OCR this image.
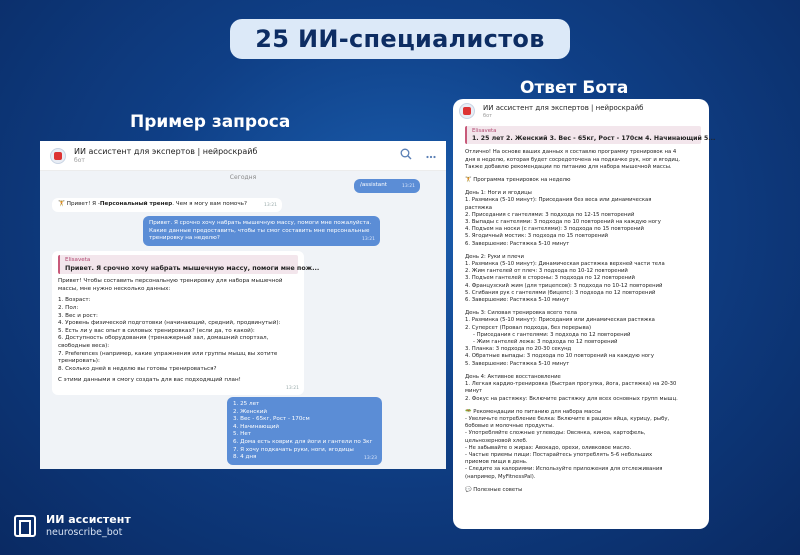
25 ИИ-специалистов
Пример запроса
Ответ Бота
ИИ ассистент для экспертов | нейроскрайб
бот
Сегодня
/assistant	13:21
🏋 Привет! Я -Персональный тренер. Чем я могу вам помочь?	13:21
Привет. Я срочно хочу набрать мышечную массу, помоги мне пожалуйста.
Какие данные предоставить, чтобы ты смог составить мне персональные
тренировку на неделю?	13:21
Elisaveta
Привет. Я срочно хочу набрать мышечную массу, помоги мне пож...
Привет! Чтобы составить персональную тренировку для набора мышечной
массы, мне нужно несколько данных:
1. Возраст:
2. Пол:
3. Вес и рост:
4. Уровень физической подготовки (начинающий, средний, продвинутый):
5. Есть ли у вас опыт в силовых тренировках? (если да, то какой):
6. Доступность оборудования (тренажерный зал, домашний спортзал,
свободные веса):
7. Preferences (например, какие упражнения или группы мышц вы хотите
тренировать):
8. Сколько дней в неделю вы готовы тренироваться?
С этими данными я смогу создать для вас подходящий план!
13:21
1. 25 лет
2. Женский
3. Вес - 65кг, Рост - 170см
4. Начинающий
5. Нет
6. Дома есть коврик для йоги и гантели по 3кг
7. Я хочу подкачать руки, ноги, ягодицы
8. 4 дня	13:23
ИИ ассистент для экспертов | нейроскрайб
бот
Elisaveta
1. 25 лет 2. Женский 3. Вес - 65кг, Рост - 170см 4. Начинающий 5...
Отлично! На основе ваших данных я составлю программу тренировок на 4
дня в неделю, которая будет сосредоточена на подкачке рук, ног и ягодиц.
Также добавлю рекомендации по питанию для набора мышечной массы.
🏋 Программа тренировок на неделю
День 1: Ноги и ягодицы
1. Разминка (5-10 минут): Приседания без веса или динамическая
растяжка
2. Приседания с гантелями: 3 подхода по 12-15 повторений
3. Выпады с гантелями: 3 подхода по 10 повторений на каждую ногу
4. Подъем на носки (с гантелями): 3 подхода по 15 повторений
5. Ягодичный мостик: 3 подхода по 15 повторений
6. Завершение: Растяжка 5-10 минут
День 2: Руки и плечи
1. Разминка (5-10 минут): Динамическая растяжка верхней части тела
2. Жим гантелей от плеч: 3 подхода по 10-12 повторений
3. Подъем гантелей в стороны: 3 подхода по 12 повторений
4. Французский жим (для трицепсов): 3 подхода по 10-12 повторений
5. Сгибания рук с гантелями (бицепс): 3 подхода по 12 повторений
6. Завершение: Растяжка 5-10 минут
День 3: Силовая тренировка всего тела
1. Разминка (5-10 минут): Приседания или динамическая растяжка
2. Суперсет (Провал подхода, без перерыва)
- Приседания с гантелями: 3 подхода по 12 повторений
- Жим гантелей лежа: 3 подхода по 12 повторений
3. Планка: 3 подхода по 20-30 секунд
4. Обратные выпады: 3 подхода по 10 повторений на каждую ногу
5. Завершение: Растяжка 5-10 минут
День 4: Активное восстановление
1. Легкая кардио-тренировка (быстрая прогулка, йога, растяжка) на 20-30
минут
2. Фокус на растяжку: Включите растяжку для всех основных групп мышц.
🥗 Рекомендации по питанию для набора массы
- Увеличьте потребление белка: Включите в рацион яйца, курицу, рыбу,
бобовые и молочные продукты.
- Употребляйте сложные углеводы: Овсянка, киноа, картофель,
цельнозерновой хлеб.
- Не забывайте о жирах: Авокадо, орехи, оливковое масло.
- Частые приемы пищи: Постарайтесь употреблять 5-6 небольших
приемов пищи в день.
- Следите за калориями: Используйте приложения для отслеживания
(например, MyFitnessPal).
💬 Полезные советы
ИИ ассистент
neuroscribe_bot
